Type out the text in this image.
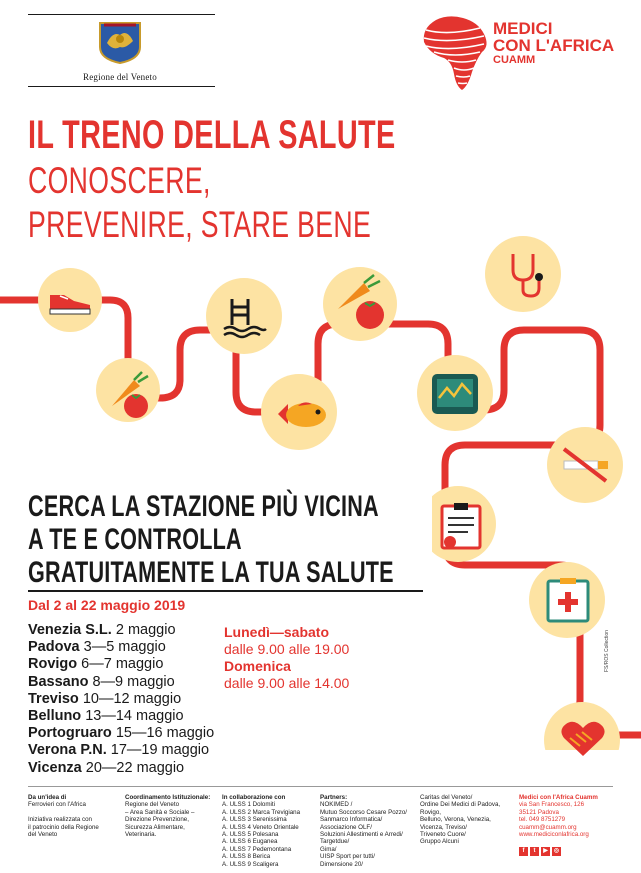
Regione del Veneto
MEDICI
CON L'AFRICA
CUAMM
IL TRENO DELLA SALUTE
CONOSCERE,
PREVENIRE, STARE BENE
CERCA LA STAZIONE PIÙ VICINA
A TE E CONTROLLA
GRATUITAMENTE LA TUA SALUTE
Dal 2 al 22 maggio 2019
Venezia S.L. 2 maggio
Padova 3—5 maggio
Rovigo 6—7 maggio
Bassano 8—9 maggio
Treviso 10—12 maggio
Belluno 13—14 maggio
Portogruaro 15—16 maggio
Verona P.N. 17—19 maggio
Vicenza 20—22 maggio
Lunedì—sabato
dalle 9.00 alle 19.00
Domenica
dalle 9.00 alle 14.00
FS/ROS Collection
Da un'idea di
Ferrovieri con l'Africa

Iniziativa realizzata con
il patrocinio della Regione
del Veneto
Coordinamento Istituzionale:
Regione del Veneto
– Area Sanità e Sociale –
Direzione Prevenzione,
Sicurezza Alimentare,
Veterinaria.
In collaborazione con
A. ULSS 1 Dolomiti
A. ULSS 2 Marca Trevigiana
A. ULSS 3 Serenissima
A. ULSS 4 Veneto Orientale
A. ULSS 5 Polesana
A. ULSS 6 Euganea
A. ULSS 7 Pedemontana
A. ULSS 8 Berica
A. ULSS 9 Scaligera
Partners:
NOKIMED /
Mutuo Soccorso Cesare Pozzo/
Sanmarco Informatica/
Associazione OLF/
Soluzioni Allestimenti e Arredi/
Targetdue/
Gima/
UISP Sport per tutti/
Dimensione 20/
Caritas del Veneto/
Ordine Dei Medici di Padova,
Rovigo,
Belluno, Verona, Venezia,
Vicenza, Treviso/
Triveneto Cuore/
Gruppo Alcuni
Medici con l'Africa Cuamm
via San Francesco, 126
35121 Padova
tel. 049 8751279
cuamm@cuamm.org
www.mediciconlafrica.org
f t ▶ ◎
